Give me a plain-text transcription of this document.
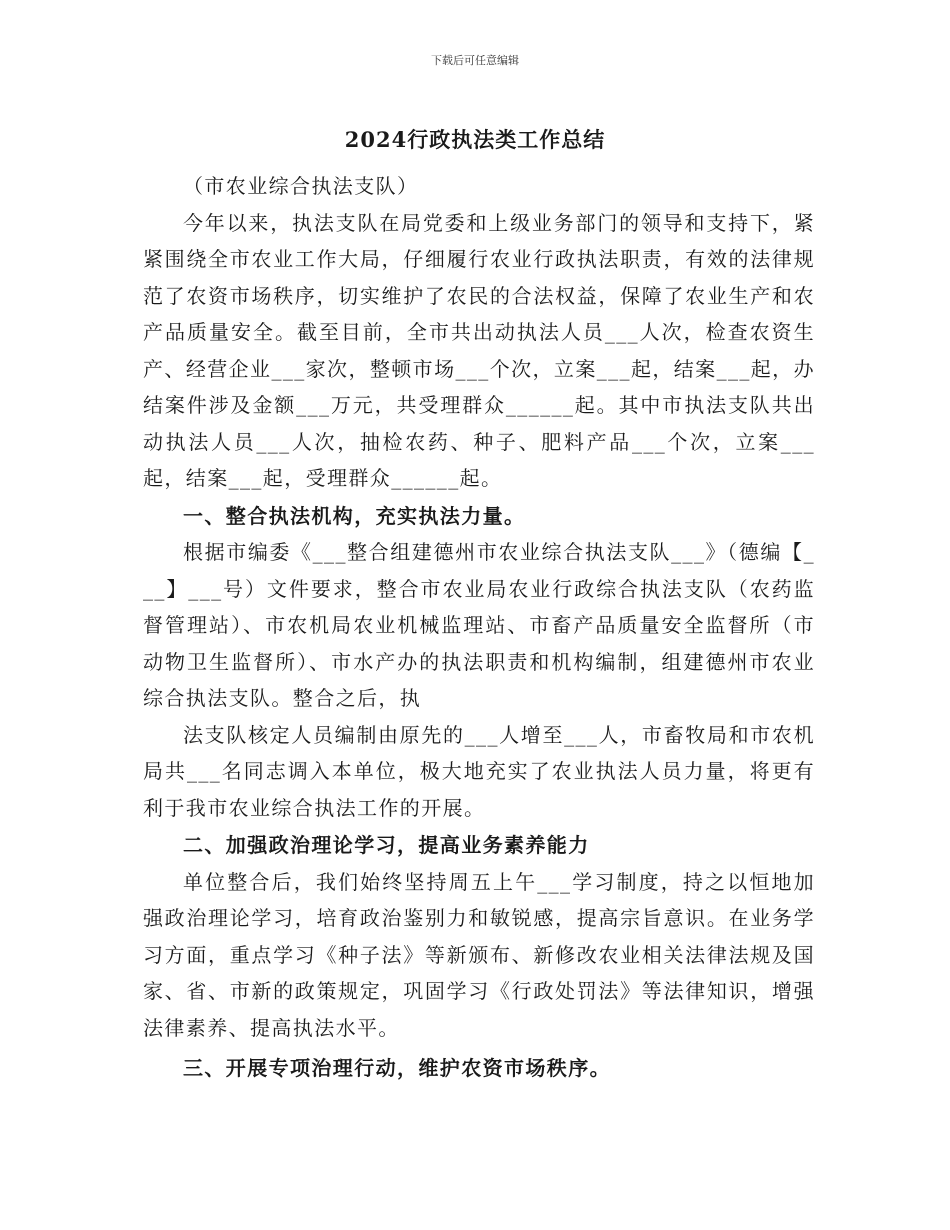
下载后可任意编辑
2024行政执法类工作总结

（市农业综合执法支队）

今年以来，执法支队在局党委和上级业务部门的领导和支持下，紧紧围绕全市农业工作大局，仔细履行农业行政执法职责，有效的法律规范了农资市场秩序，切实维护了农民的合法权益，保障了农业生产和农产品质量安全。截至目前，全市共出动执法人员___人次，检查农资生产、经营企业___家次，整顿市场___个次，立案___起，结案___起，办结案件涉及金额___万元，共受理群众______起。其中市执法支队共出动执法人员___人次，抽检农药、种子、肥料产品___个次，立案___起，结案___起，受理群众______起。

一、整合执法机构，充实执法力量。

根据市编委《___整合组建德州市农业综合执法支队___》（德编【___】___号）文件要求，整合市农业局农业行政综合执法支队（农药监督管理站）、市农机局农业机械监理站、市畜产品质量安全监督所（市动物卫生监督所）、市水产办的执法职责和机构编制，组建德州市农业综合执法支队。整合之后，执

法支队核定人员编制由原先的___人增至___人，市畜牧局和市农机局共___名同志调入本单位，极大地充实了农业执法人员力量，将更有利于我市农业综合执法工作的开展。

二、加强政治理论学习，提高业务素养能力

单位整合后，我们始终坚持周五上午___学习制度，持之以恒地加强政治理论学习，培育政治鉴别力和敏锐感，提高宗旨意识。在业务学习方面，重点学习《种子法》等新颁布、新修改农业相关法律法规及国家、省、市新的政策规定，巩固学习《行政处罚法》等法律知识，增强法律素养、提高执法水平。

三、开展专项治理行动，维护农资市场秩序。
